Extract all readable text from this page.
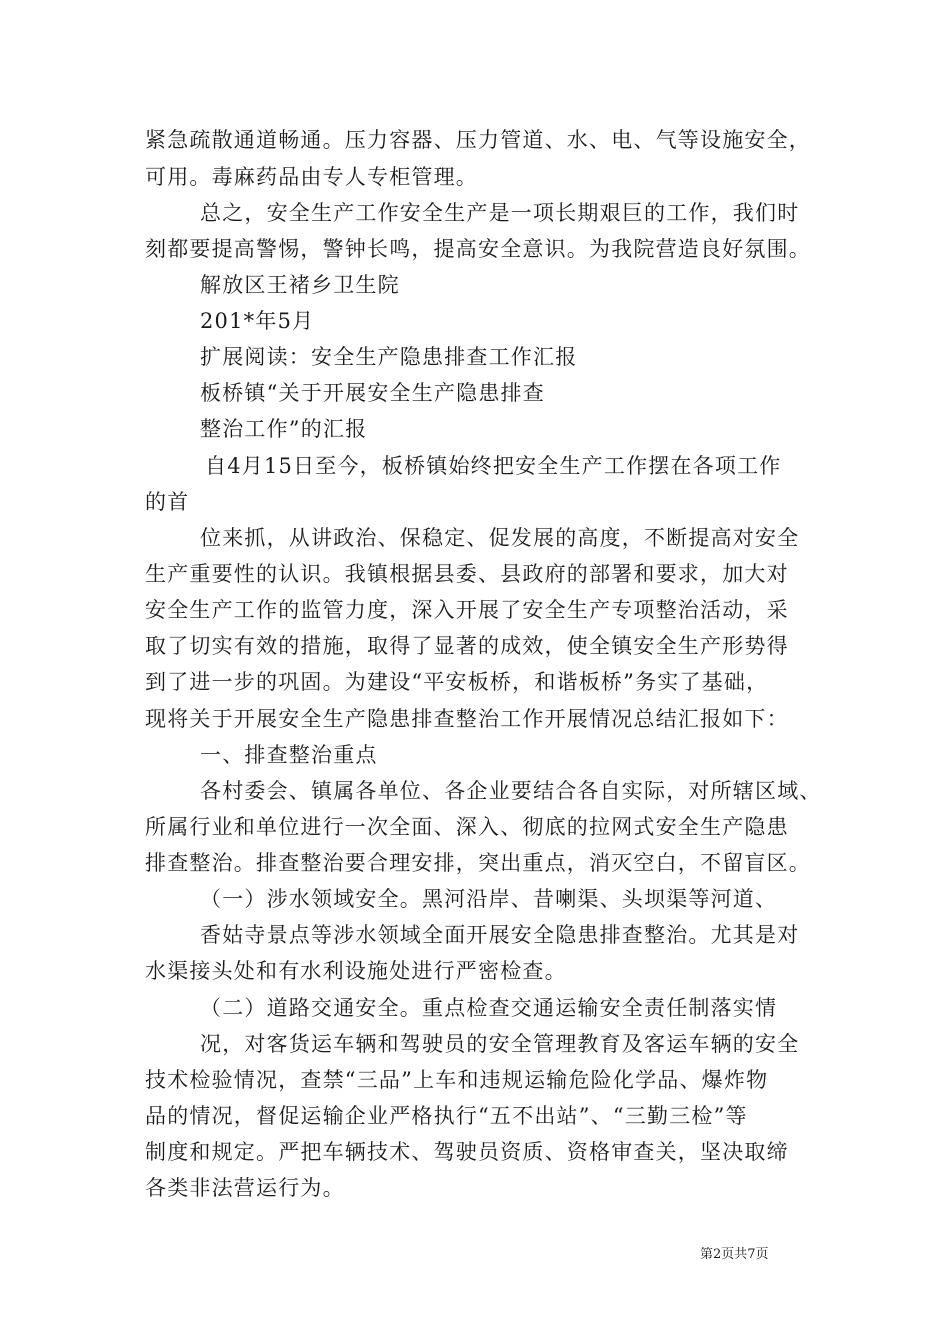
紧急疏散通道畅通。压力容器、压力管道、水、电、气等设施安全，
可用。毒麻药品由专人专柜管理。
总之，安全生产工作安全生产是一项长期艰巨的工作，我们时
刻都要提高警惕，警钟长鸣，提高安全意识。为我院营造良好氛围。
解放区王褚乡卫生院
201*年5月
扩展阅读：安全生产隐患排查工作汇报
板桥镇“关于开展安全生产隐患排查
整治工作”的汇报
自4月15日至今，板桥镇始终把安全生产工作摆在各项工作
的首
位来抓，从讲政治、保稳定、促发展的高度，不断提高对安全
生产重要性的认识。我镇根据县委、县政府的部署和要求，加大对
安全生产工作的监管力度，深入开展了安全生产专项整治活动，采
取了切实有效的措施，取得了显著的成效，使全镇安全生产形势得
到了进一步的巩固。为建设“平安板桥，和谐板桥”务实了基础，
现将关于开展安全生产隐患排查整治工作开展情况总结汇报如下：
一、排查整治重点
各村委会、镇属各单位、各企业要结合各自实际，对所辖区域、
所属行业和单位进行一次全面、深入、彻底的拉网式安全生产隐患
排查整治。排查整治要合理安排，突出重点，消灭空白，不留盲区。
（一）涉水领域安全。黑河沿岸、昔喇渠、头坝渠等河道、
香姑寺景点等涉水领域全面开展安全隐患排查整治。尤其是对
水渠接头处和有水利设施处进行严密检查。
（二）道路交通安全。重点检查交通运输安全责任制落实情
况，对客货运车辆和驾驶员的安全管理教育及客运车辆的安全
技术检验情况，查禁“三品”上车和违规运输危险化学品、爆炸物
品的情况，督促运输企业严格执行“五不出站”、“三勤三检”等
制度和规定。严把车辆技术、驾驶员资质、资格审查关，坚决取缔
各类非法营运行为。
第2页共7页
